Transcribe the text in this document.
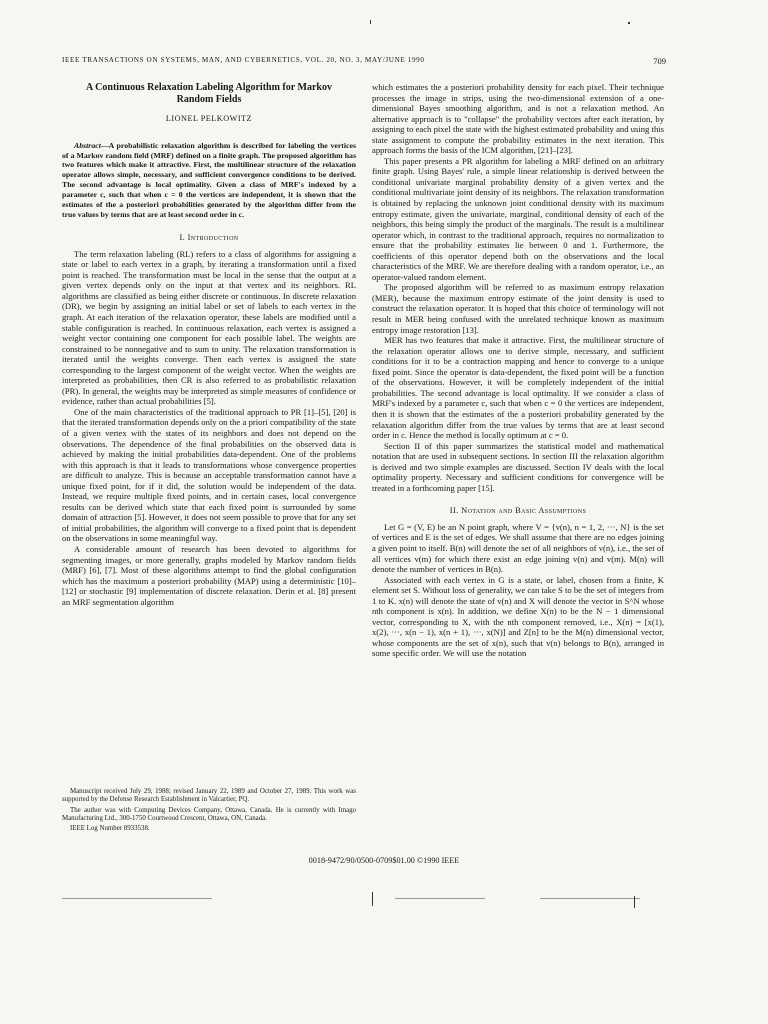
IEEE TRANSACTIONS ON SYSTEMS, MAN, AND CYBERNETICS, VOL. 20, NO. 3, MAY/JUNE 1990	709
A Continuous Relaxation Labeling Algorithm for Markov Random Fields
LIONEL PELKOWITZ

Abstract—A probabilistic relaxation algorithm is described for labeling the vertices of a Markov random field (MRF) defined on a finite graph. The proposed algorithm has two features which make it attractive. First, the multilinear structure of the relaxation operator allows simple, necessary, and sufficient convergence conditions to be derived. The second advantage is local optimality. Given a class of MRF's indexed by a parameter c, such that when c = 0 the vertices are independent, it is shown that the estimates of the a posteriori probabilities generated by the algorithm differ from the true values by terms that are at least second order in c.

I. Introduction

The term relaxation labeling (RL) refers to a class of algorithms for assigning a state or label to each vertex in a graph, by iterating a transformation until a fixed point is reached. The transformation must be local in the sense that the output at a given vertex depends only on the input at that vertex and its neighbors. RL algorithms are classified as being either discrete or continuous. In discrete relaxation (DR), we begin by assigning an initial label or set of labels to each vertex in the graph. At each iteration of the relaxation operator, these labels are modified until a stable configuration is reached. In continuous relaxation, each vertex is assigned a weight vector containing one component for each possible label. The weights are constrained to be nonnegative and to sum to unity. The relaxation transformation is iterated until the weights converge. Then each vertex is assigned the state corresponding to the largest component of the weight vector. When the weights are interpreted as probabilities, then CR is also referred to as probabilistic relaxation (PR). In general, the weights may be interpreted as simple measures of confidence or evidence, rather than actual probabilities [5].

One of the main characteristics of the traditional approach to PR [1]–[5], [20] is that the iterated transformation depends only on the a priori compatibility of the state of a given vertex with the states of its neighbors and does not depend on the observations. The dependence of the final probabilities on the observed data is achieved by making the initial probabilities data-dependent. One of the problems with this approach is that it leads to transformations whose convergence properties are difficult to analyze. This is because an acceptable transformation cannot have a unique fixed point, for if it did, the solution would be independent of the data. Instead, we require multiple fixed points, and in certain cases, local convergence results can be derived which state that each fixed point is surrounded by some domain of attraction [5]. However, it does not seem possible to prove that for any set of initial probabilities, the algorithm will converge to a fixed point that is dependent on the observations in some meaningful way.

A considerable amount of research has been devoted to algorithms for segmenting images, or more generally, graphs modeled by Markov random fields (MRF) [6], [7]. Most of these algorithms attempt to find the global configuration which has the maximum a posteriori probability (MAP) using a deterministic [10]–[12] or stochastic [9] implementation of discrete relaxation. Derin et al. [8] present an MRF segmentation algorithm

Manuscript received July 29, 1988; revised January 22, 1989 and October 27, 1989. This work was supported by the Defense Research Establishment in Valcartier, PQ.

The author was with Computing Devices Company, Ottawa, Canada. He is currently with Imago Manufacturing Ltd., 300-1750 Courtwood Crescent, Ottawa, ON, Canada.

IEEE Log Number 8933538.

which estimates the a posteriori probability density for each pixel. Their technique processes the image in strips, using the two-dimensional extension of a one-dimensional Bayes smoothing algorithm, and is not a relaxation method. An alternative approach is to "collapse" the probability vectors after each iteration, by assigning to each pixel the state with the highest estimated probability and using this state assignment to compute the probability estimates in the next iteration. This approach forms the basis of the ICM algorithm, [21]–[23].

This paper presents a PR algorithm for labeling a MRF defined on an arbitrary finite graph. Using Bayes' rule, a simple linear relationship is derived between the conditional univariate marginal probability density of a given vertex and the conditional multivariate joint density of its neighbors. The relaxation transformation is obtained by replacing the unknown joint conditional density with its maximum entropy estimate, given the univariate, marginal, conditional density of each of the neighbors, this being simply the product of the marginals. The result is a multilinear operator which, in contrast to the traditional approach, requires no normalization to ensure that the probability estimates lie between 0 and 1. Furthermore, the coefficients of this operator depend both on the observations and the local characteristics of the MRF. We are therefore dealing with a random operator, i.e., an operator-valued random element.

The proposed algorithm will be referred to as maximum entropy relaxation (MER), because the maximum entropy estimate of the joint density is used to construct the relaxation operator. It is hoped that this choice of terminology will not result in MER being confused with the unrelated technique known as maximum entropy image restoration [13].

MER has two features that make it attractive. First, the multilinear structure of the relaxation operator allows one to derive simple, necessary, and sufficient conditions for it to be a contraction mapping and hence to converge to a unique fixed point. Since the operator is data-dependent, the fixed point will be a function of the observations. However, it will be completely independent of the initial probabilities. The second advantage is local optimality. If we consider a class of MRF's indexed by a parameter c, such that when c = 0 the vertices are independent, then it is shown that the estimates of the a posteriori probability generated by the relaxation algorithm differ from the true values by terms that are at least second order in c. Hence the method is locally optimum at c = 0.

Section II of this paper summarizes the statistical model and mathematical notation that are used in subsequent sections. In section III the relaxation algorithm is derived and two simple examples are discussed. Section IV deals with the local optimality property. Necessary and sufficient conditions for convergence will be treated in a forthcoming paper [15].

II. Notation and Basic Assumptions

Let G = (V, E) be an N point graph, where V = {v(n), n = 1, 2, ···, N} is the set of vertices and E is the set of edges. We shall assume that there are no edges joining a given point to itself. B(n) will denote the set of all neighbors of v(n), i.e., the set of all vertices v(m) for which there exist an edge joining v(n) and v(m). M(n) will denote the number of vertices in B(n).

Associated with each vertex in G is a state, or label, chosen from a finite, K element set S. Without loss of generality, we can take S to be the set of integers from 1 to K. x(n) will denote the state of v(n) and X will denote the vector in S^N whose nth component is x(n). In addition, we define X(n) to be the N − 1 dimensional vector, corresponding to X, with the nth component removed, i.e., X(n) = [x(1), x(2), ···, x(n − 1), x(n + 1), ···, x(N)] and Z[n] to be the M(n) dimensional vector, whose components are the set of x(n), such that v(n) belongs to B(n), arranged in some specific order. We will use the notation

0018-9472/90/0500-0709$01.00 ©1990 IEEE
